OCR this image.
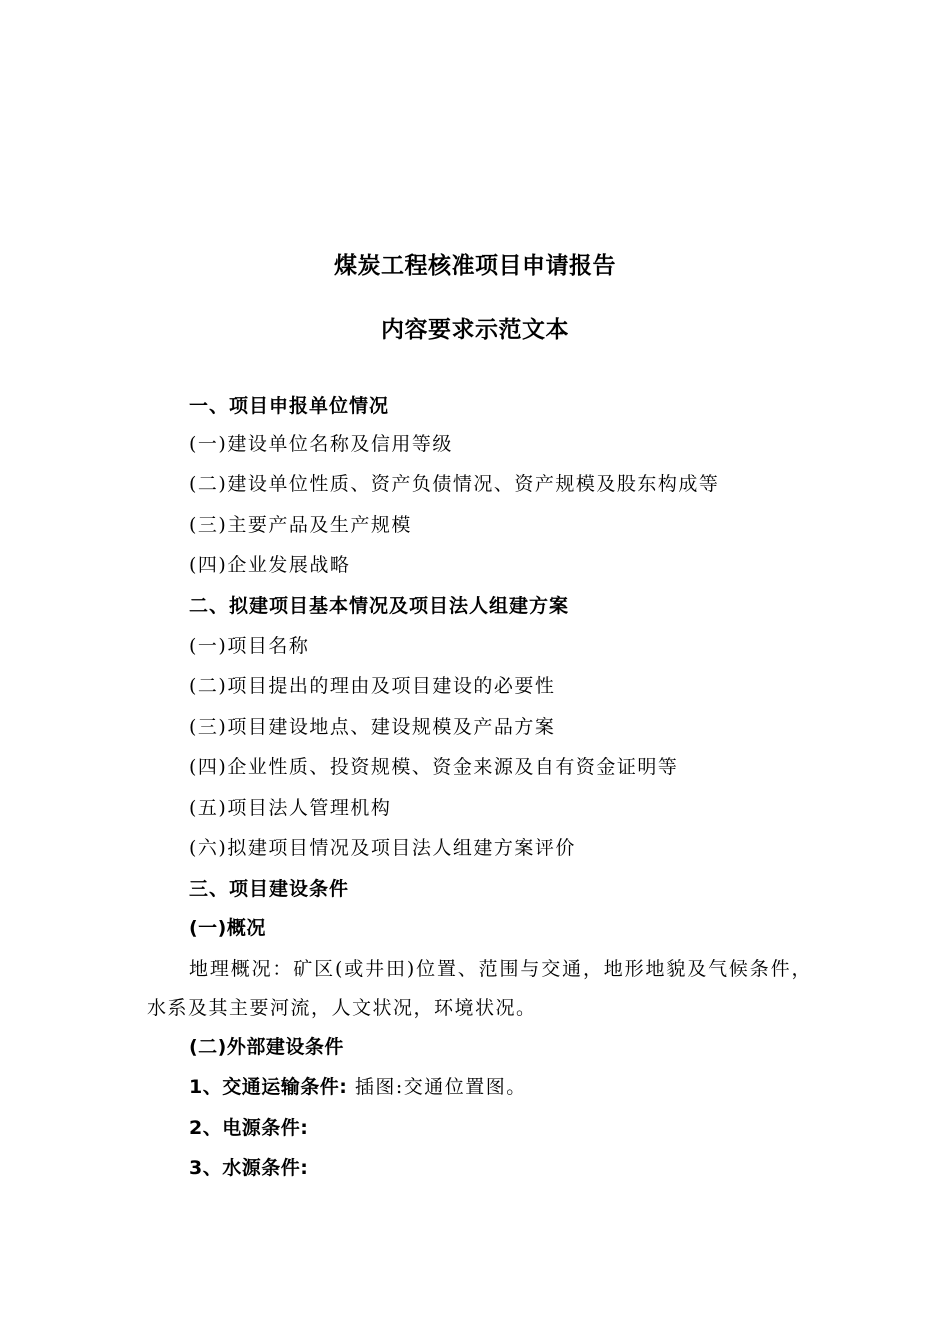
煤炭工程核准项目申请报告
内容要求示范文本
一、项目申报单位情况
(一)建设单位名称及信用等级
(二)建设单位性质、资产负债情况、资产规模及股东构成等
(三)主要产品及生产规模
(四)企业发展战略
二、拟建项目基本情况及项目法人组建方案
(一)项目名称
(二)项目提出的理由及项目建设的必要性
(三)项目建设地点、建设规模及产品方案
(四)企业性质、投资规模、资金来源及自有资金证明等
(五)项目法人管理机构
(六)拟建项目情况及项目法人组建方案评价
三、项目建设条件
(一)概况
地理概况：矿区(或井田)位置、范围与交通，地形地貌及气候条件，水系及其主要河流，人文状况，环境状况。
(二)外部建设条件
1、交通运输条件: 插图:交通位置图。
2、电源条件:
3、水源条件:
